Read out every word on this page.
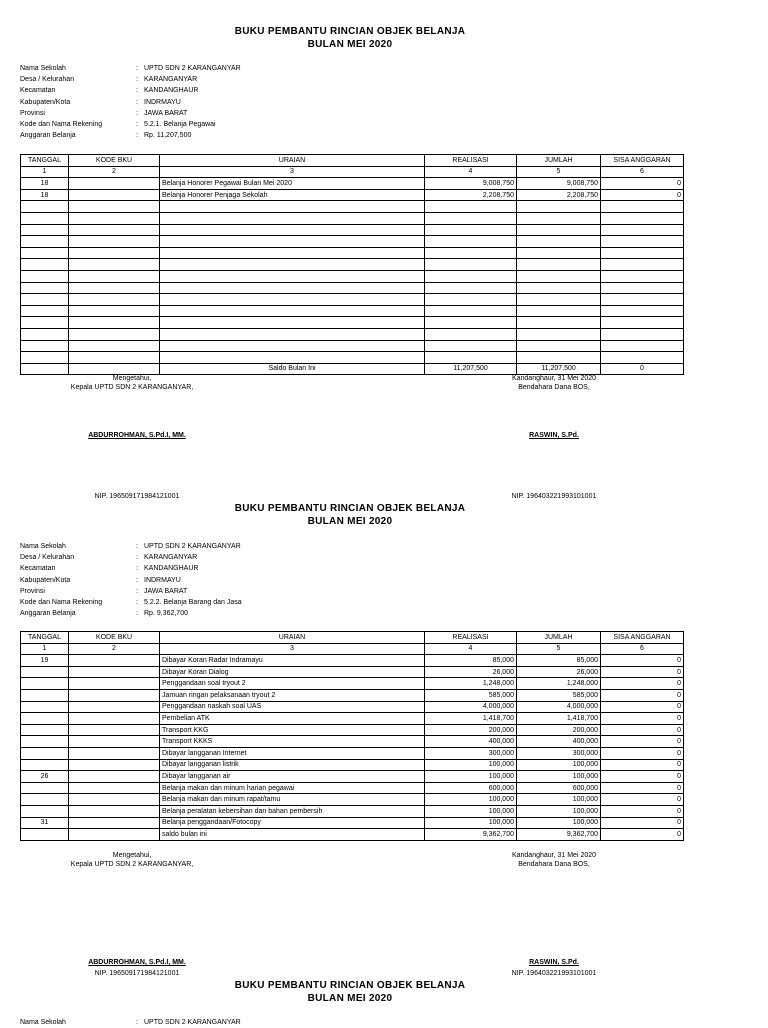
BUKU PEMBANTU RINCIAN OBJEK BELANJA
BULAN MEI 2020
Nama Sekolah	: UPTD SDN 2 KARANGANYAR
Desa / Kelurahan	: KARANGANYAR
Kecamatan	: KANDANGHAUR
Kabupaten/Kota	: INDRMAYU
Provinsi	: JAWA BARAT
Kode dan Nama Rekening	: 5.2.1. Belanja Pegawai
Anggaran Belanja	: Rp. 11,207,500
TANGGAL	KODE BKU	URAIAN	REALISASI	JUMLAH	SISA ANGGARAN
1	2	3	4	5	6
18		Belanja Honorer Pegawai Bulan Mei 2020	9,008,750	9,008,750	0
18		Belanja Honorer Penjaga Sekolah	2,208,750	2,208,750	0

		Saldo Bulan Ini	11,207,500	11,207,500	0
Mengetahui,
Kepala UPTD SDN 2 KARANGANYAR,
Kandanghaur, 31 Mei 2020
Bendahara Dana BOS,
ABDURROHMAN, S.Pd.I, MM.	RASWIN, S.Pd.
NIP. 196509171984121001	NIP. 196403221993101001
BUKU PEMBANTU RINCIAN OBJEK BELANJA
BULAN MEI 2020
Nama Sekolah	: UPTD SDN 2 KARANGANYAR
Desa / Kelurahan	: KARANGANYAR
Kecamatan	: KANDANGHAUR
Kabupaten/Kota	: INDRMAYU
Provinsi	: JAWA BARAT
Kode dan Nama Rekening	: 5.2.2. Belanja Barang dan Jasa
Anggaran Belanja	: Rp. 9,362,700
TANGGAL	KODE BKU	URAIAN	REALISASI	JUMLAH	SISA ANGGARAN
1	2	3	4	5	6
19		Dibayar Koran Radar Indramayu	85,000	85,000	0
		Dibayar Koran Dialog	26,000	26,000	0
		Penggandaan soal tryout 2	1,248,000	1,248,000	0
		Jamuan ringan pelaksanaan tryout 2	585,000	585,000	0
		Penggandaan naskah soal UAS	4,000,000	4,000,000	0
		Pembelian ATK	1,418,700	1,418,700	0
		Transport KKG	200,000	200,000	0
		Transport KKKS	400,000	400,000	0
		Dibayar langganan Internet	300,000	300,000	0
		Dibayar langganan listrik	100,000	100,000	0
26		Dibayar langganan air	100,000	100,000	0
		Belanja makan dan minum harian pegawai	600,000	600,000	0
		Belanja makan dan minum rapat/tamu	100,000	100,000	0
		Belanja peralatan kebersihan dan bahan pembersih	100,000	100,000	0
31		Belanja penggandaan/Fotocopy	100,000	100,000	0
		saldo bulan ini	9,362,700	9,362,700	0
Mengetahui,
Kepala UPTD SDN 2 KARANGANYAR,
Kandanghaur, 31 Mei 2020
Bendahara Dana BOS,
ABDURROHMAN, S.Pd.I, MM.	RASWIN, S.Pd.
NIP. 196509171984121001	NIP. 196403221993101001
BUKU PEMBANTU RINCIAN OBJEK BELANJA
BULAN MEI 2020
Nama Sekolah	: UPTD SDN 2 KARANGANYAR
